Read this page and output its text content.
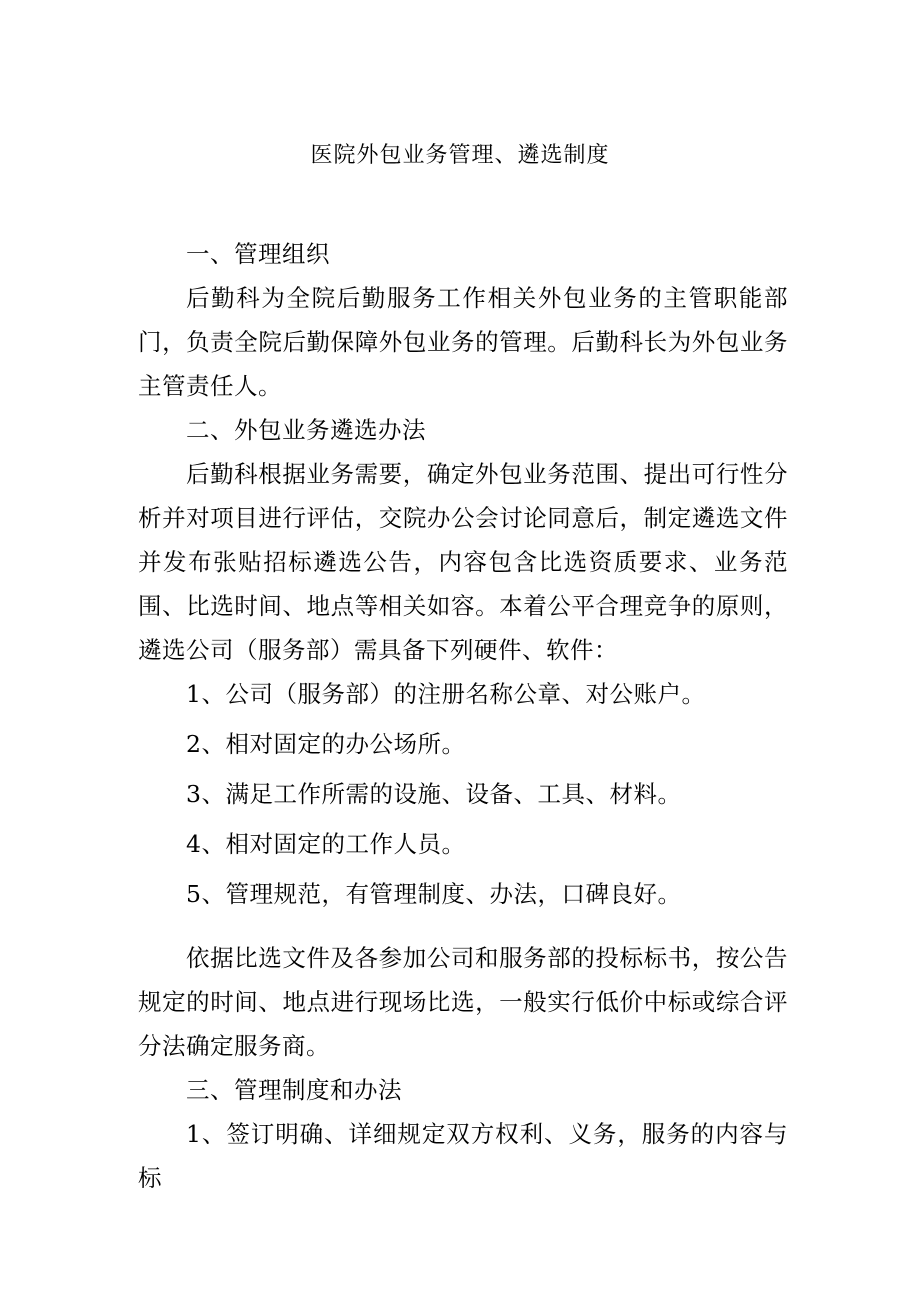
医院外包业务管理、遴选制度

一、管理组织

后勤科为全院后勤服务工作相关外包业务的主管职能部门，负责全院后勤保障外包业务的管理。后勤科长为外包业务主管责任人。

二、外包业务遴选办法

后勤科根据业务需要，确定外包业务范围、提出可行性分析并对项目进行评估，交院办公会讨论同意后，制定遴选文件并发布张贴招标遴选公告，内容包含比选资质要求、业务范围、比选时间、地点等相关如容。本着公平合理竞争的原则，遴选公司（服务部）需具备下列硬件、软件：

1、公司（服务部）的注册名称公章、对公账户。

2、相对固定的办公场所。

3、满足工作所需的设施、设备、工具、材料。

4、相对固定的工作人员。

5、管理规范，有管理制度、办法，口碑良好。

依据比选文件及各参加公司和服务部的投标标书，按公告规定的时间、地点进行现场比选，一般实行低价中标或综合评分法确定服务商。

三、管理制度和办法

1、签订明确、详细规定双方权利、义务，服务的内容与标
